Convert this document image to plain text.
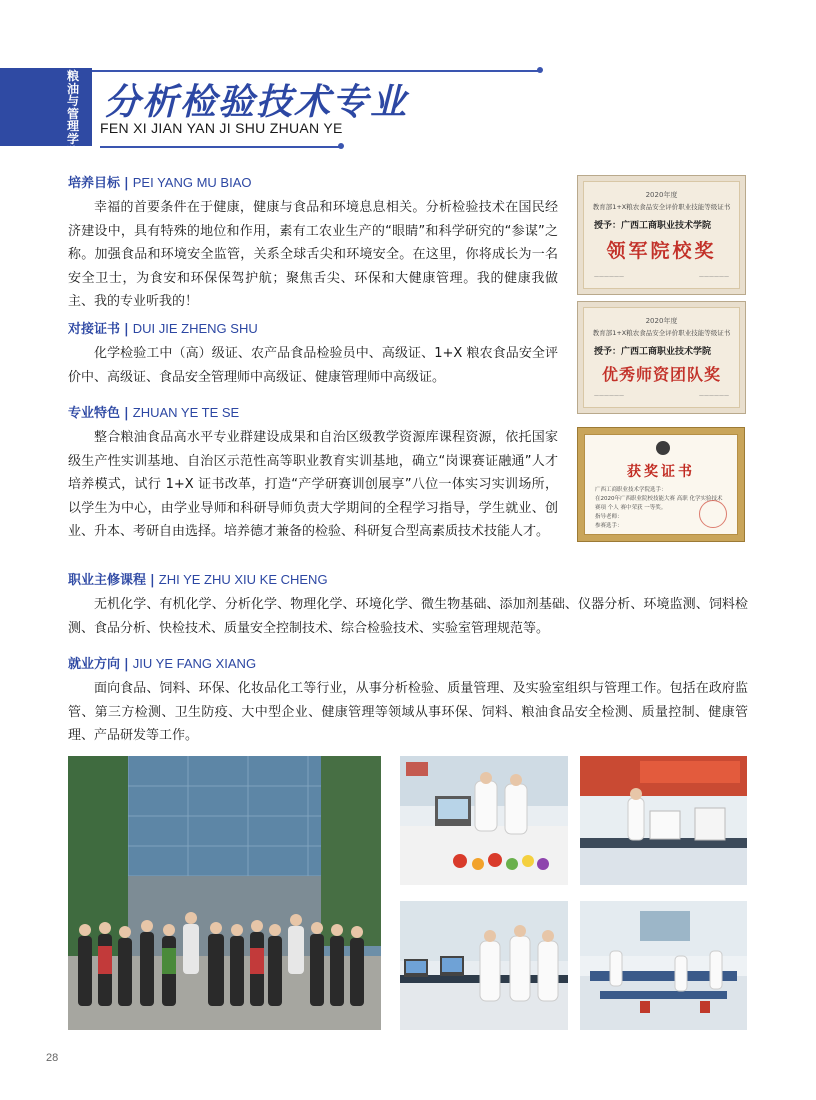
粮油与管理学院
分析检验技术专业
FEN XI JIAN YAN JI SHU ZHUAN YE
培养目标 | PEI YANG MU BIAO

幸福的首要条件在于健康，健康与食品和环境息息相关。分析检验技术在国民经济建设中，具有特殊的地位和作用，素有工农业生产的“眼睛”和科学研究的“参谋”之称。加强食品和环境安全监管，关系全球舌尖和环境安全。在这里，你将成长为一名安全卫士，为食安和环保保驾护航；聚焦舌尖、环保和大健康管理。我的健康我做主、我的专业听我的！

对接证书 | DUI JIE ZHENG SHU

化学检验工中（高）级证、农产品食品检验员中、高级证、1+X 粮农食品安全评价中、高级证、食品安全管理师中高级证、健康管理师中高级证。

专业特色 | ZHUAN YE TE SE

整合粮油食品高水平专业群建设成果和自治区级教学资源库课程资源，依托国家级生产性实训基地、自治区示范性高等职业教育实训基地，确立“岗课赛证融通”人才培养模式，试行 1+X 证书改革，打造“产学研赛训创展享”八位一体实习实训场所，以学生为中心，由学业导师和科研导师负责大学期间的全程学习指导，学生就业、创业、升本、考研自由选择。培养德才兼备的检验、科研复合型高素质技术技能人才。

职业主修课程 | ZHI YE ZHU XIU KE CHENG

无机化学、有机化学、分析化学、物理化学、环境化学、微生物基础、添加剂基础、仪器分析、环境监测、饲料检测、食品分析、快检技术、质量安全控制技术、综合检验技术、实验室管理规范等。

就业方向 | JIU YE FANG XIANG

面向食品、饲料、环保、化妆品化工等行业，从事分析检验、质量管理、及实验室组织与管理工作。包括在政府监管、第三方检测、卫生防疫、大中型企业、健康管理等领域从事环保、饲料、粮油食品安全检测、质量控制、健康管理、产品研发等工作。

2020年度
教育部1+X粮农食品安全评价职业技能等级证书
授予：广西工商职业技术学院
领军院校奖
——————	——————
2020年度
教育部1+X粮农食品安全评价职业技能等级证书
授予：广西工商职业技术学院
优秀师资团队奖
——————	——————
获奖证书
广西工商职业技术学院选手：
在2020年广西职业院校技能大赛 高职 化学实验技术
赛项 个人 赛中荣获 一等奖。
指导老师：
参赛选手：
28
